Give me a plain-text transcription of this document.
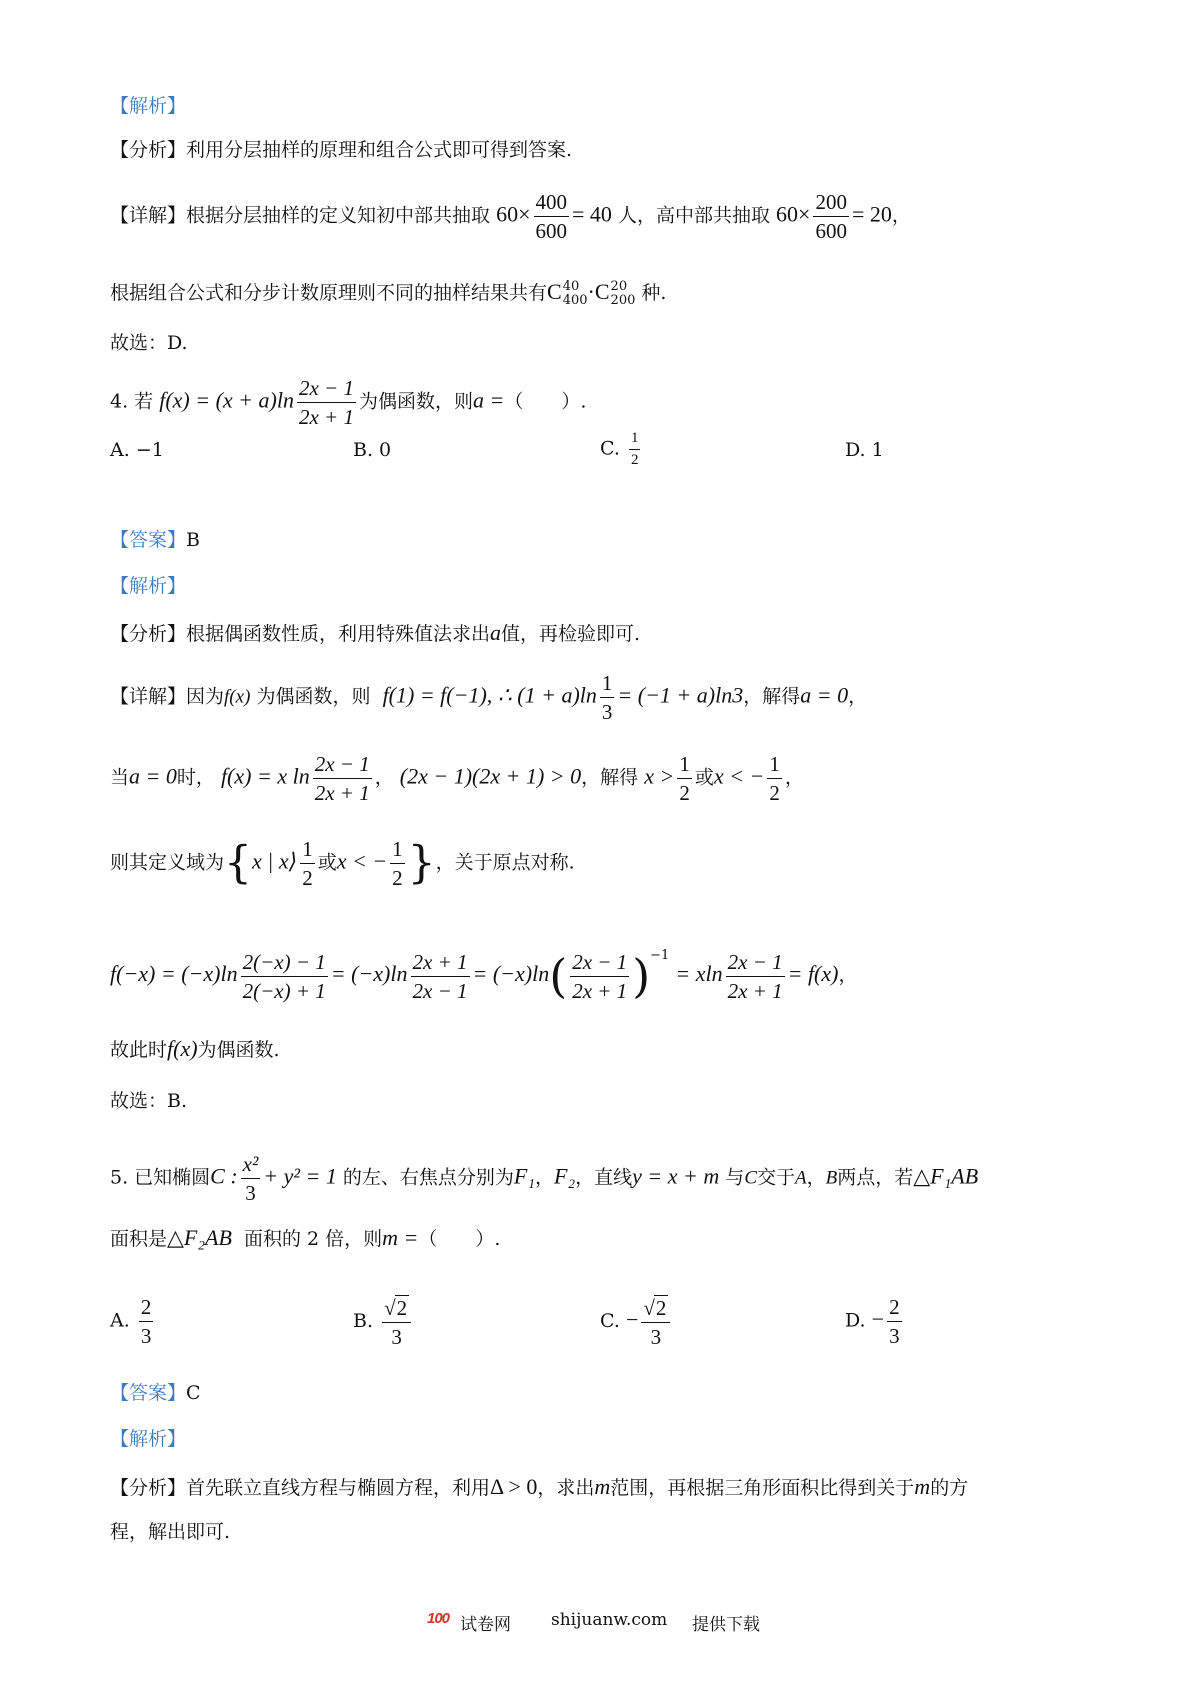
【解析】
【分析】利用分层抽样的原理和组合公式即可得到答案.
【详解】根据分层抽样的定义知初中部共抽取 $60\times \frac{400}{600} = 40$ 人，高中部共抽取 $60\times \frac{200}{600} = 20$，
根据组合公式和分步计数原理则不同的抽样结果共有C 40
400 ·C 20
200 种.
故选：D.
4. 若 $f(x) = (x + a)\ln \frac{2x - 1}{2x + 1}$ 为偶函数，则a =（　　）.
A. −1	B. 0	C. $\frac{1}{2}$	D. 1
【答案】B
【解析】
【分析】根据偶函数性质，利用特殊值法求出a值，再检验即可.
【详解】因为f(x) 为偶函数，则 f(1) = f(−1), ∴ $(1 + a)\ln \frac{1}{3} = (-1 + a)\ln 3$，解得a = 0，
当a = 0时， f(x) = x $\ln \frac{2x - 1}{2x + 1}$ ， (2x − 1)(2x + 1) > 0，解得 $x > \frac{1}{2}$ 或x < − $\frac{1}{2}$ ，
则其定义域为{x | x⟩ $\frac{1}{2}$ 或x < − $\frac{1}{2}$ }，关于原点对称.
$f(-x) = (-x)\ln \frac{2(-x) - 1}{2(-x) + 1} = (-x)\ln \frac{2x + 1}{2x - 1} = (-x)\ln( \frac{2x - 1}{2x + 1} )^{-1} = xln \frac{2x - 1}{2x + 1} = f(x)$，
故此时f(x)为偶函数.
故选：B.
5. 已知椭圆C : $\frac{\text{x²}}{3} + y^2 = 1$ 的左、右焦点分别为F₁，F₂，直线y = x + m 与C交于A，B两点，若△F₁AB
面积是△F₂AB 面积的 2 倍，则m =（　　）.
A. $\frac{2}{3}$	B. $\frac{√2}{3}$	C. − $\frac{√2}{3}$	D. − $\frac{2}{3}$
【答案】C
【解析】
【分析】首先联立直线方程与椭圆方程，利用Δ > 0，求出m范围，再根据三角形面积比得到关于m的方
程，解出即可.
100 试卷网 shijuanw.com 提供下载
